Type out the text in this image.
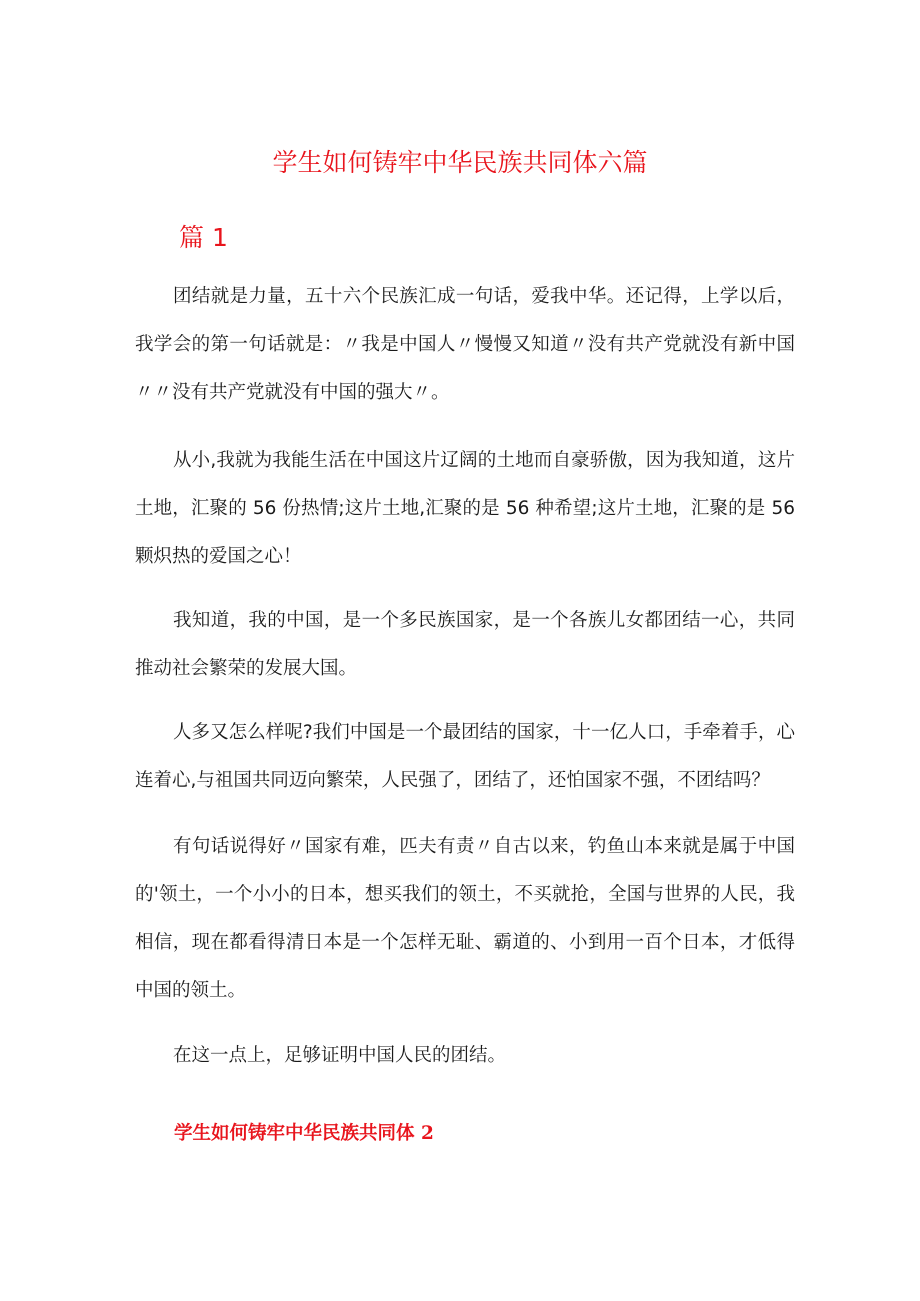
学生如何铸牢中华民族共同体六篇
篇 1

团结就是力量，五十六个民族汇成一句话，爱我中华。还记得，上学以后，我学会的第一句话就是：〃我是中国人〃慢慢又知道〃没有共产党就没有新中国〃〃没有共产党就没有中国的强大〃。

从小,我就为我能生活在中国这片辽阔的土地而自豪骄傲，因为我知道，这片土地，汇聚的 56 份热情;这片土地,汇聚的是 56 种希望;这片土地，汇聚的是 56 颗炽热的爱国之心！

我知道，我的中国，是一个多民族国家，是一个各族儿女都团结一心，共同推动社会繁荣的发展大国。

人多又怎么样呢?我们中国是一个最团结的国家，十一亿人口，手牵着手，心连着心,与祖国共同迈向繁荣，人民强了，团结了，还怕国家不强，不团结吗？

有句话说得好〃国家有难，匹夫有责〃自古以来，钓鱼山本来就是属于中国的'领土，一个小小的日本，想买我们的领土，不买就抢，全国与世界的人民，我相信，现在都看得清日本是一个怎样无耻、霸道的、小到用一百个日本，才低得中国的领土。

在这一点上，足够证明中国人民的团结。

学生如何铸牢中华民族共同体 2
